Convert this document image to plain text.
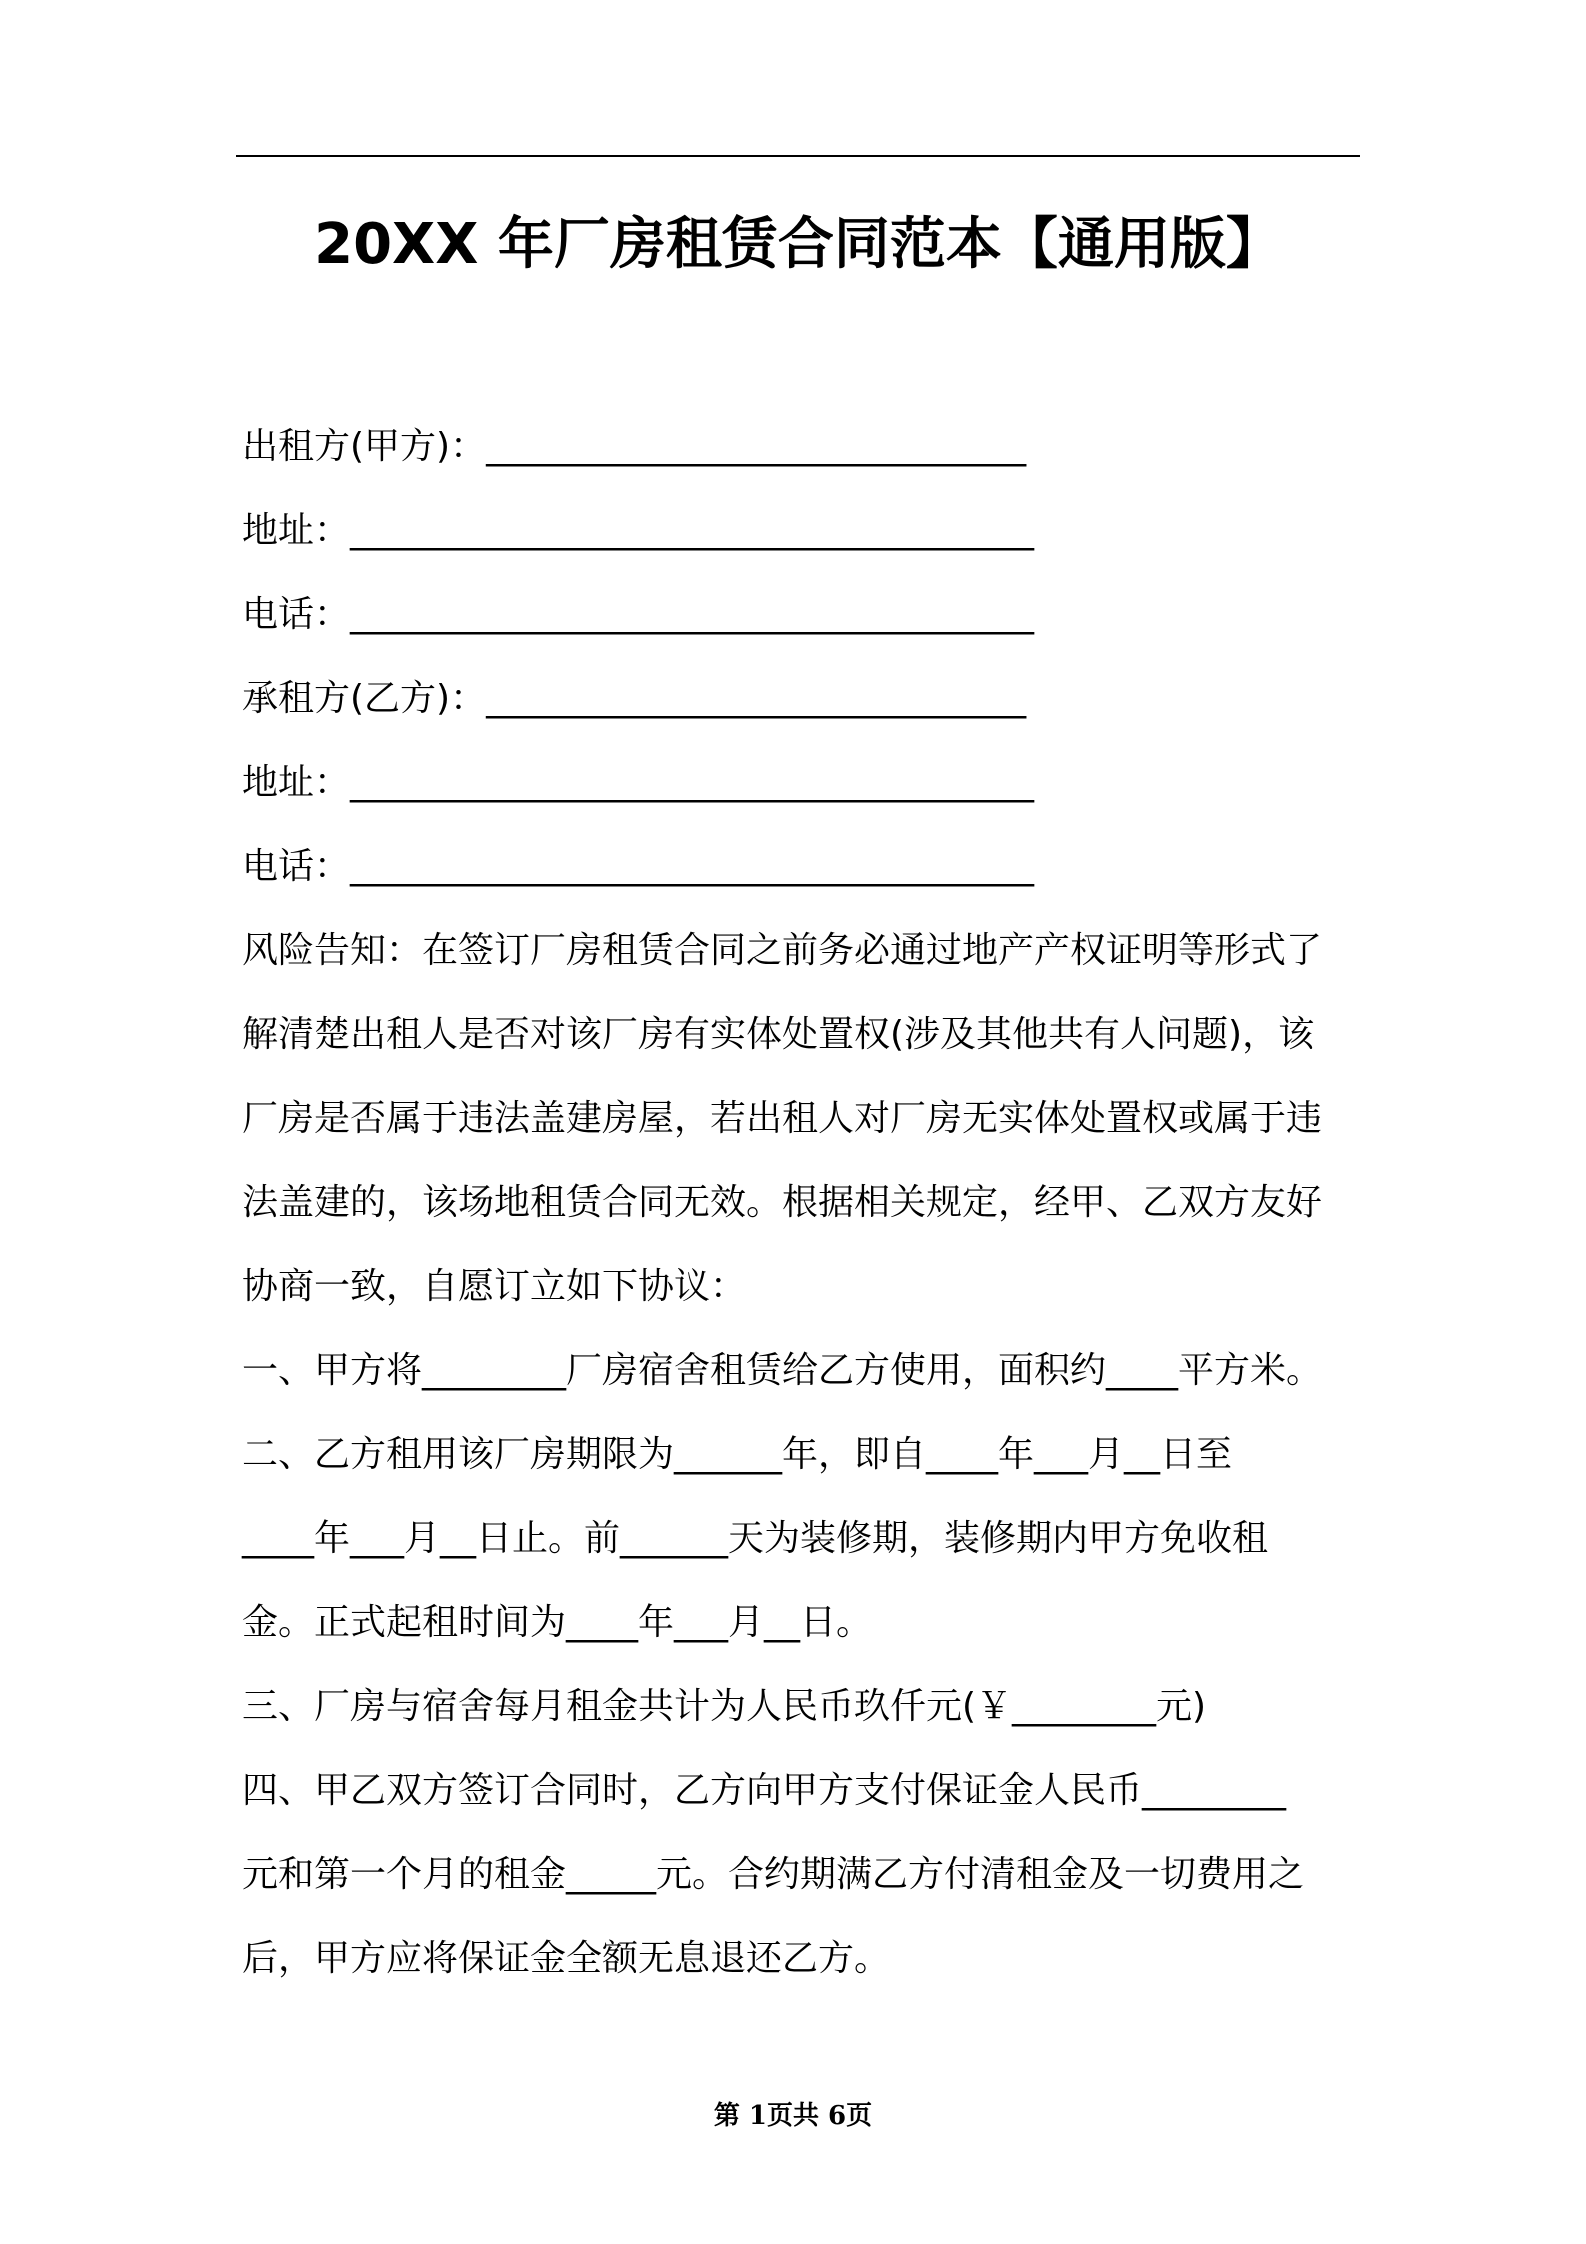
20XX 年厂房租赁合同范本【通用版】
出租方(甲方)：______________________________
地址：______________________________________
电话：______________________________________
承租方(乙方)：______________________________
地址：______________________________________
电话：______________________________________
风险告知：在签订厂房租赁合同之前务必通过地产产权证明等形式了
解清楚出租人是否对该厂房有实体处置权(涉及其他共有人问题)，该
厂房是否属于违法盖建房屋，若出租人对厂房无实体处置权或属于违
法盖建的，该场地租赁合同无效。根据相关规定，经甲、乙双方友好
协商一致，自愿订立如下协议：
一、甲方将________厂房宿舍租赁给乙方使用，面积约____平方米。
二、乙方租用该厂房期限为______年，即自____年___月__日至
____年___月__日止。前______天为装修期，装修期内甲方免收租
金。正式起租时间为____年___月__日。
三、厂房与宿舍每月租金共计为人民币玖仟元(￥________元)
四、甲乙双方签订合同时，乙方向甲方支付保证金人民币________
元和第一个月的租金_____元。合约期满乙方付清租金及一切费用之
后，甲方应将保证金全额无息退还乙方。
第 1页共 6页
